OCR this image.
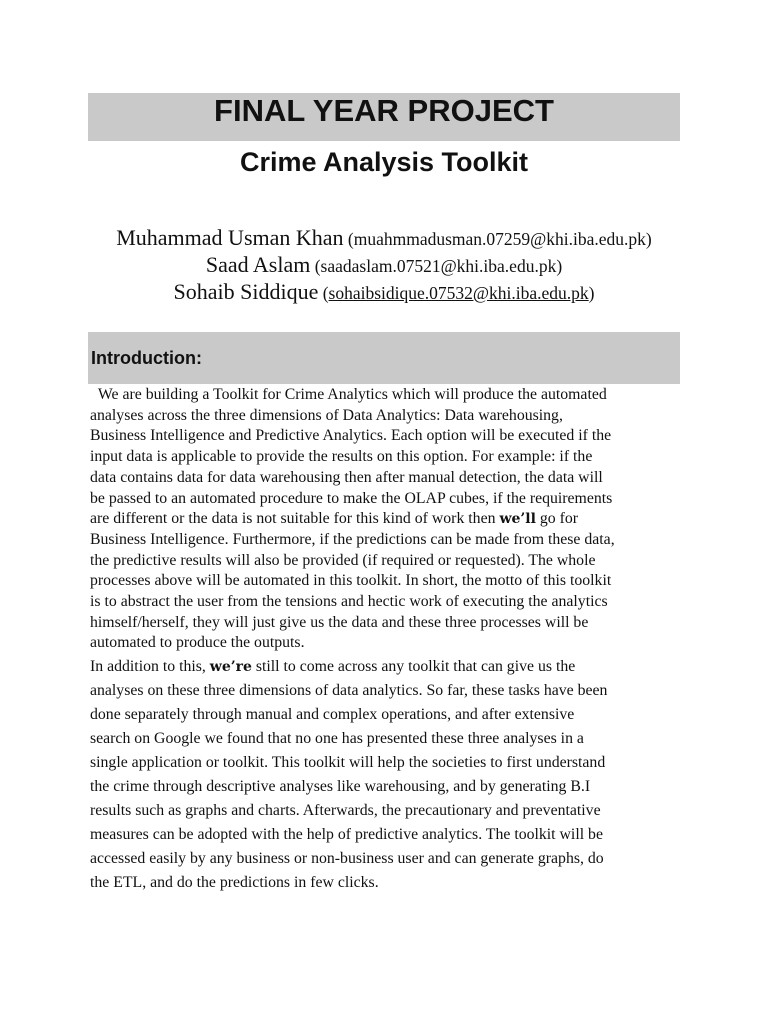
FINAL YEAR PROJECT
Crime Analysis Toolkit
Muhammad Usman Khan (muahmmadusman.07259@khi.iba.edu.pk)
Saad Aslam (saadaslam.07521@khi.iba.edu.pk)
Sohaib Siddique (sohaibsidique.07532@khi.iba.edu.pk)
Introduction:
We are building a Toolkit for Crime Analytics which will produce the automated
analyses across the three dimensions of Data Analytics: Data warehousing,
Business Intelligence and Predictive Analytics. Each option will be executed if the
input data is applicable to provide the results on this option. For example: if the
data contains data for data warehousing then after manual detection, the data will
be passed to an automated procedure to make the OLAP cubes, if the requirements
are different or the data is not suitable for this kind of work then we’ll go for
Business Intelligence. Furthermore, if the predictions can be made from these data,
the predictive results will also be provided (if required or requested). The whole
processes above will be automated in this toolkit. In short, the motto of this toolkit
is to abstract the user from the tensions and hectic work of executing the analytics
himself/herself, they will just give us the data and these three processes will be
automated to produce the outputs.
In addition to this, we’re still to come across any toolkit that can give us the
analyses on these three dimensions of data analytics. So far, these tasks have been
done separately through manual and complex operations, and after extensive
search on Google we found that no one has presented these three analyses in a
single application or toolkit. This toolkit will help the societies to first understand
the crime through descriptive analyses like warehousing, and by generating B.I
results such as graphs and charts. Afterwards, the precautionary and preventative
measures can be adopted with the help of predictive analytics. The toolkit will be
accessed easily by any business or non-business user and can generate graphs, do
the ETL, and do the predictions in few clicks.
